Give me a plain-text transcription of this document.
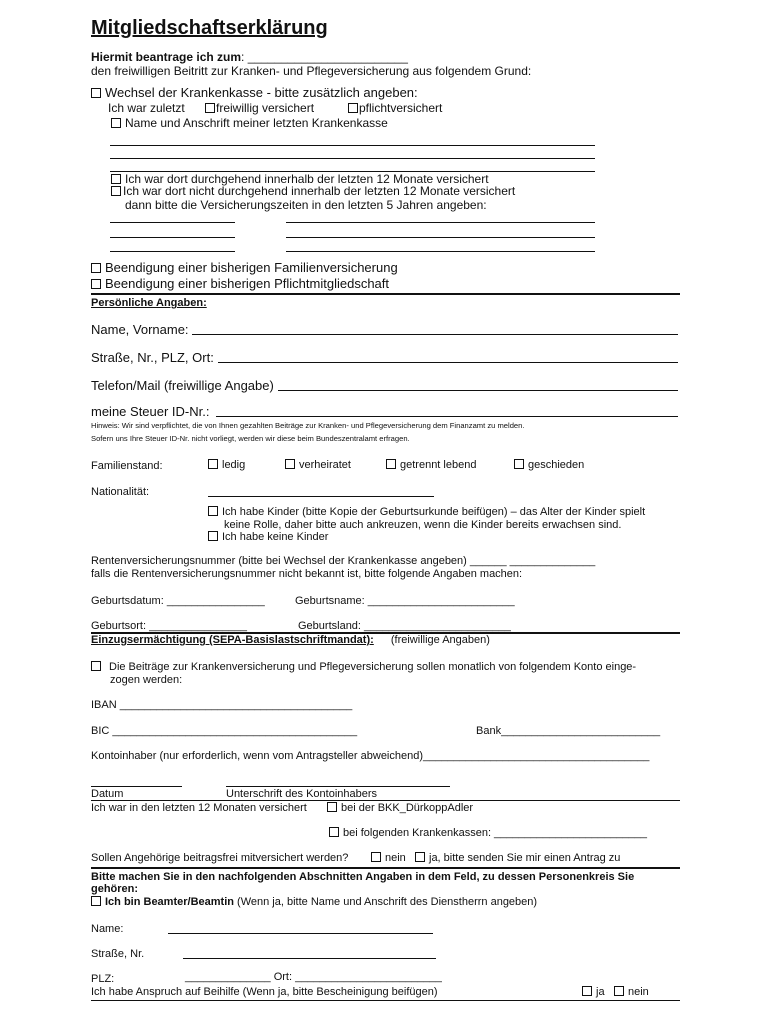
Mitgliedschaftserklärung
Hiermit beantrage ich zum: ________________________
den freiwilligen Beitritt zur Kranken- und Pflegeversicherung aus folgendem Grund:
Wechsel der Krankenkasse - bitte zusätzlich angeben:
Ich war zuletzt	freiwillig versichert	pflichtversichert
Name und Anschrift meiner letzten Krankenkasse
Ich war dort durchgehend innerhalb der letzten 12 Monate versichert
Ich war dort nicht durchgehend innerhalb der letzten 12 Monate versichert
dann bitte die Versicherungszeiten in den letzten 5 Jahren angeben:
Beendigung einer bisherigen Familienversicherung
Beendigung einer bisherigen Pflichtmitgliedschaft
Persönliche Angaben:
Name, Vorname:
Straße, Nr., PLZ, Ort:
Telefon/Mail (freiwillige Angabe)
meine Steuer ID-Nr.:
Hinweis: Wir sind verpflichtet, die von Ihnen gezahlten Beiträge zur Kranken- und Pflegeversicherung dem Finanzamt zu melden.
Sofern uns Ihre Steuer ID-Nr. nicht vorliegt, werden wir diese beim Bundeszentralamt erfragen.
Familienstand:	ledig	verheiratet	getrennt lebend	geschieden
Nationalität:
Ich habe Kinder (bitte Kopie der Geburtsurkunde beifügen) – das Alter der Kinder spielt
keine Rolle, daher bitte auch ankreuzen, wenn die Kinder bereits erwachsen sind.
Ich habe keine Kinder
Rentenversicherungsnummer (bitte bei Wechsel der Krankenkasse angeben) ______ ______________
falls die Rentenversicherungsnummer nicht bekannt ist, bitte folgende Angaben machen:
Geburtsdatum: ________________	Geburtsname: ________________________
Geburtsort: ________________	Geburtsland: ________________________
Einzugsermächtigung (SEPA-Basislastschriftmandat): (freiwillige Angaben)
Die Beiträge zur Krankenversicherung und Pflegeversicherung sollen monatlich von folgendem Konto einge-
zogen werden:
IBAN ______________________________________
BIC ________________________________________	Bank__________________________
Kontoinhaber (nur erforderlich, wenn vom Antragsteller abweichend)_____________________________________
Datum	Unterschrift des Kontoinhabers
Ich war in den letzten 12 Monaten versichert	bei der BKK_DürkoppAdler
bei folgenden Krankenkassen: _________________________
Sollen Angehörige beitragsfrei mitversichert werden?	nein	ja, bitte senden Sie mir einen Antrag zu
Bitte machen Sie in den nachfolgenden Abschnitten Angaben in dem Feld, zu dessen Personenkreis Sie
gehören:
Ich bin Beamter/Beamtin (Wenn ja, bitte Name und Anschrift des Dienstherrn angeben)
Name:
Straße, Nr.
PLZ:	______________ Ort: ________________________
Ich habe Anspruch auf Beihilfe (Wenn ja, bitte Bescheinigung beifügen)	ja	nein
